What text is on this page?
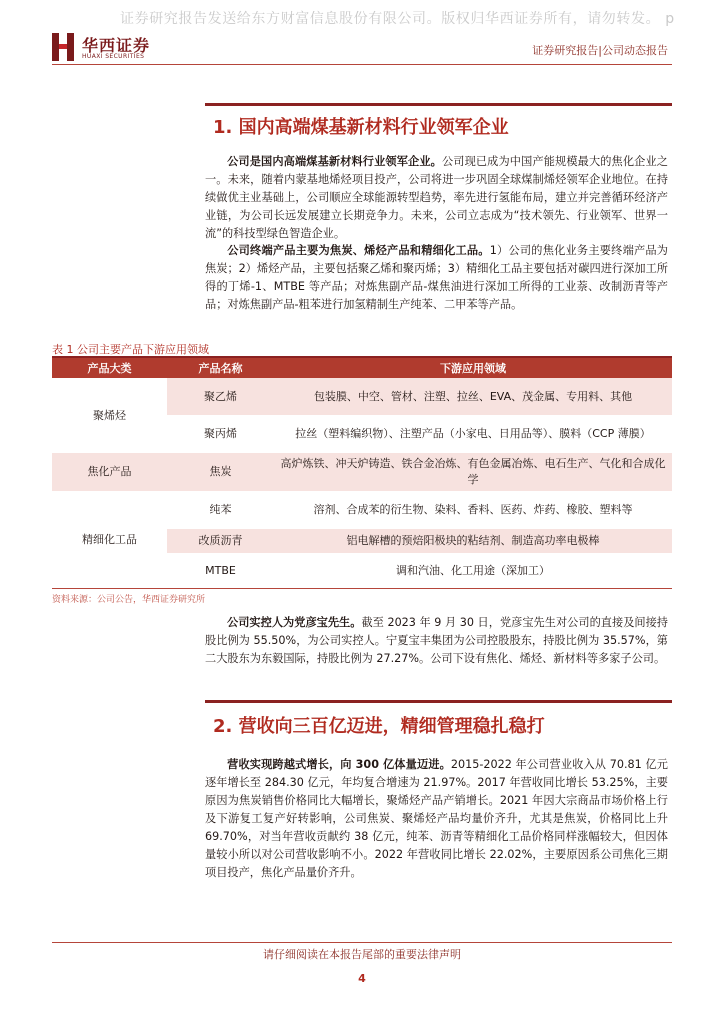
证券研究报告发送给东方财富信息股份有限公司。版权归华西证券所有，请勿转发。 p
华西证券
HUAXI SECURITIES	证券研究报告|公司动态报告
1. 国内高端煤基新材料行业领军企业

公司是国内高端煤基新材料行业领军企业。公司现已成为中国产能规模最大的焦化企业之一。未来，随着内蒙基地烯烃项目投产，公司将进一步巩固全球煤制烯烃领军企业地位。在持续做优主业基础上，公司顺应全球能源转型趋势，率先进行氢能布局，建立并完善循环经济产业链，为公司长远发展建立长期竞争力。未来，公司立志成为“技术领先、行业领军、世界一流”的科技型绿色智造企业。

公司终端产品主要为焦炭、烯烃产品和精细化工品。1）公司的焦化业务主要终端产品为焦炭；2）烯烃产品，主要包括聚乙烯和聚丙烯；3）精细化工品主要包括对碳四进行深加工所得的丁烯-1、MTBE 等产品；对炼焦副产品-煤焦油进行深加工所得的工业萘、改制沥青等产品；对炼焦副产品-粗苯进行加氢精制生产纯苯、二甲苯等产品。

表 1 公司主要产品下游应用领域
产品大类	产品名称	下游应用领域
聚烯烃	聚乙烯	包装膜、中空、管材、注塑、拉丝、EVA、茂金属、专用料、其他
	聚丙烯	拉丝（塑料编织物）、注塑产品（小家电、日用品等）、膜料（CCP 薄膜）
焦化产品	焦炭	高炉炼铁、冲天炉铸造、铁合金冶炼、有色金属冶炼、电石生产、气化和合成化学
精细化工品	纯苯	溶剂、合成苯的衍生物、染料、香料、医药、炸药、橡胶、塑料等
	改质沥青	铝电解槽的预焙阳极块的粘结剂、制造高功率电极棒
	MTBE	调和汽油、化工用途（深加工）
资料来源：公司公告，华西证券研究所

公司实控人为党彦宝先生。截至 2023 年 9 月 30 日，党彦宝先生对公司的直接及间接持股比例为 55.50%，为公司实控人。宁夏宝丰集团为公司控股股东，持股比例为 35.57%，第二大股东为东毅国际，持股比例为 27.27%。公司下设有焦化、烯烃、新材料等多家子公司。

2. 营收向三百亿迈进，精细管理稳扎稳打

营收实现跨越式增长，向 300 亿体量迈进。2015-2022 年公司营业收入从 70.81 亿元逐年增长至 284.30 亿元，年均复合增速为 21.97%。2017 年营收同比增长 53.25%，主要原因为焦炭销售价格同比大幅增长，聚烯烃产品产销增长。2021 年因大宗商品市场价格上行及下游复工复产好转影响，公司焦炭、聚烯烃产品均量价齐升，尤其是焦炭，价格同比上升 69.70%，对当年营收贡献约 38 亿元，纯苯、沥青等精细化工品价格同样涨幅较大，但因体量较小所以对公司营收影响不小。2022 年营收同比增长 22.02%，主要原因系公司焦化三期项目投产，焦化产品量价齐升。

请仔细阅读在本报告尾部的重要法律声明
4
